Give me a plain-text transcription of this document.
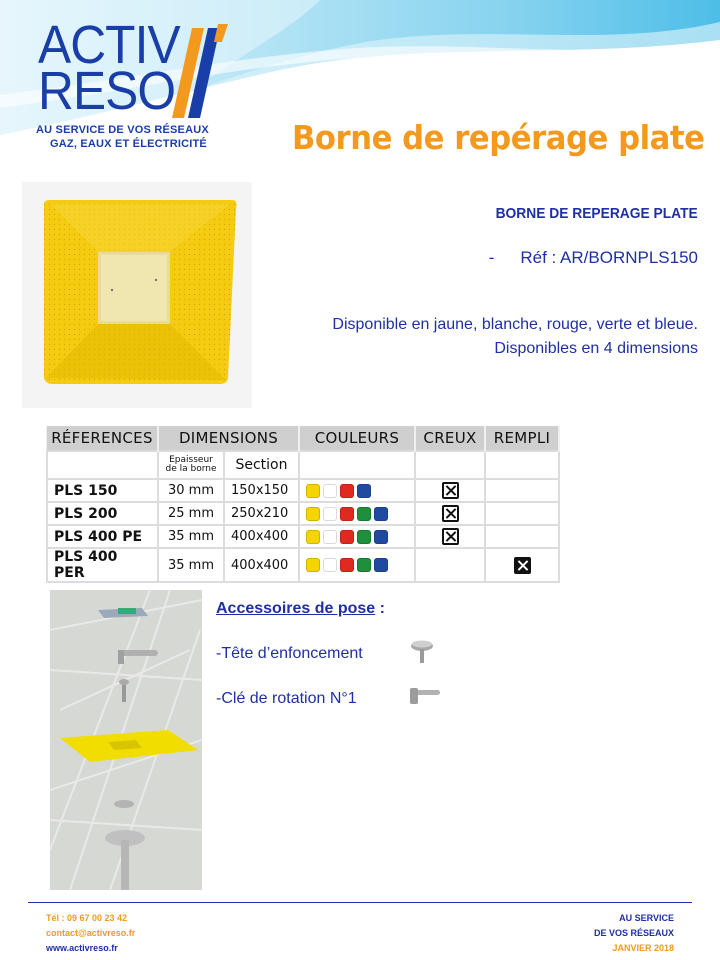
ACTIV
RESO
AU SERVICE DE VOS RÉSEAUX
GAZ, EAUX ET ÉLECTRICITÉ	Borne de repérage plate
BORNE DE REPERAGE PLATE
- Réf : AR/BORNPLS150
Disponible en jaune, blanche, rouge, verte et bleue.
Disponibles en 4 dimensions
RÉFERENCES	DIMENSIONS		COULEURS	CREUX	REMPLI

	Epaisseur
de la borne	Section			
PLS 150	30 mm	150x150			
PLS 200	25 mm	250x210			
PLS 400 PE	35 mm	400x400			
PLS 400 PER	35 mm	400x400			
Accessoires de pose :
-Tête d’enfoncement
-Clé de rotation N°1
Tél : 09 67 00 23 42
contact@activreso.fr
www.activreso.fr
AU SERVICE
DE VOS RÉSEAUX
JANVIER 2018
